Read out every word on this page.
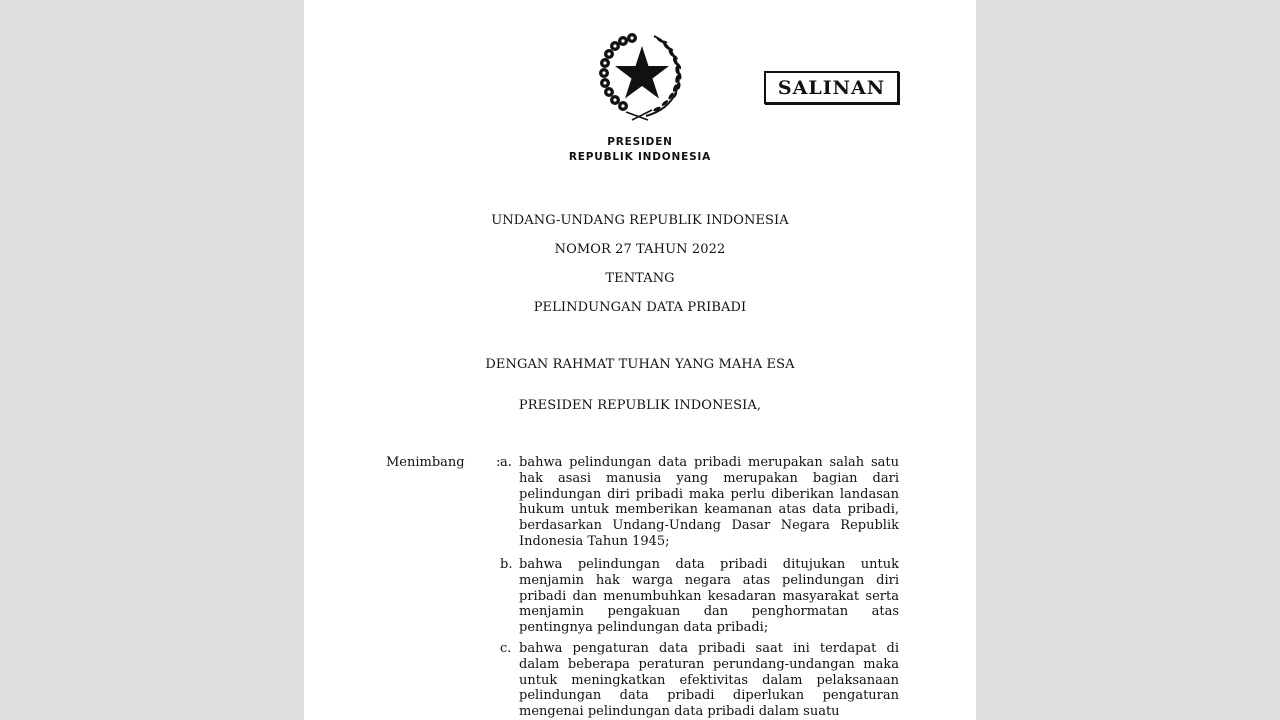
SALINAN
PRESIDEN
REPUBLIK INDONESIA
UNDANG-UNDANG REPUBLIK INDONESIA
NOMOR 27 TAHUN 2022
TENTANG
PELINDUNGAN DATA PRIBADI
DENGAN RAHMAT TUHAN YANG MAHA ESA
PRESIDEN REPUBLIK INDONESIA,
Menimbang : a. bahwa pelindungan data pribadi merupakan salah satu hak asasi manusia yang merupakan bagian dari pelindungan diri pribadi maka perlu diberikan landasan hukum untuk memberikan keamanan atas data pribadi, berdasarkan Undang-Undang Dasar Negara Republik Indonesia Tahun 1945;
b. bahwa pelindungan data pribadi ditujukan untuk menjamin hak warga negara atas pelindungan diri pribadi dan menumbuhkan kesadaran masyarakat serta menjamin pengakuan dan penghormatan atas pentingnya pelindungan data pribadi;
c. bahwa pengaturan data pribadi saat ini terdapat di dalam beberapa peraturan perundang-undangan maka untuk meningkatkan efektivitas dalam pelaksanaan pelindungan data pribadi diperlukan pengaturan mengenai pelindungan data pribadi dalam suatu
